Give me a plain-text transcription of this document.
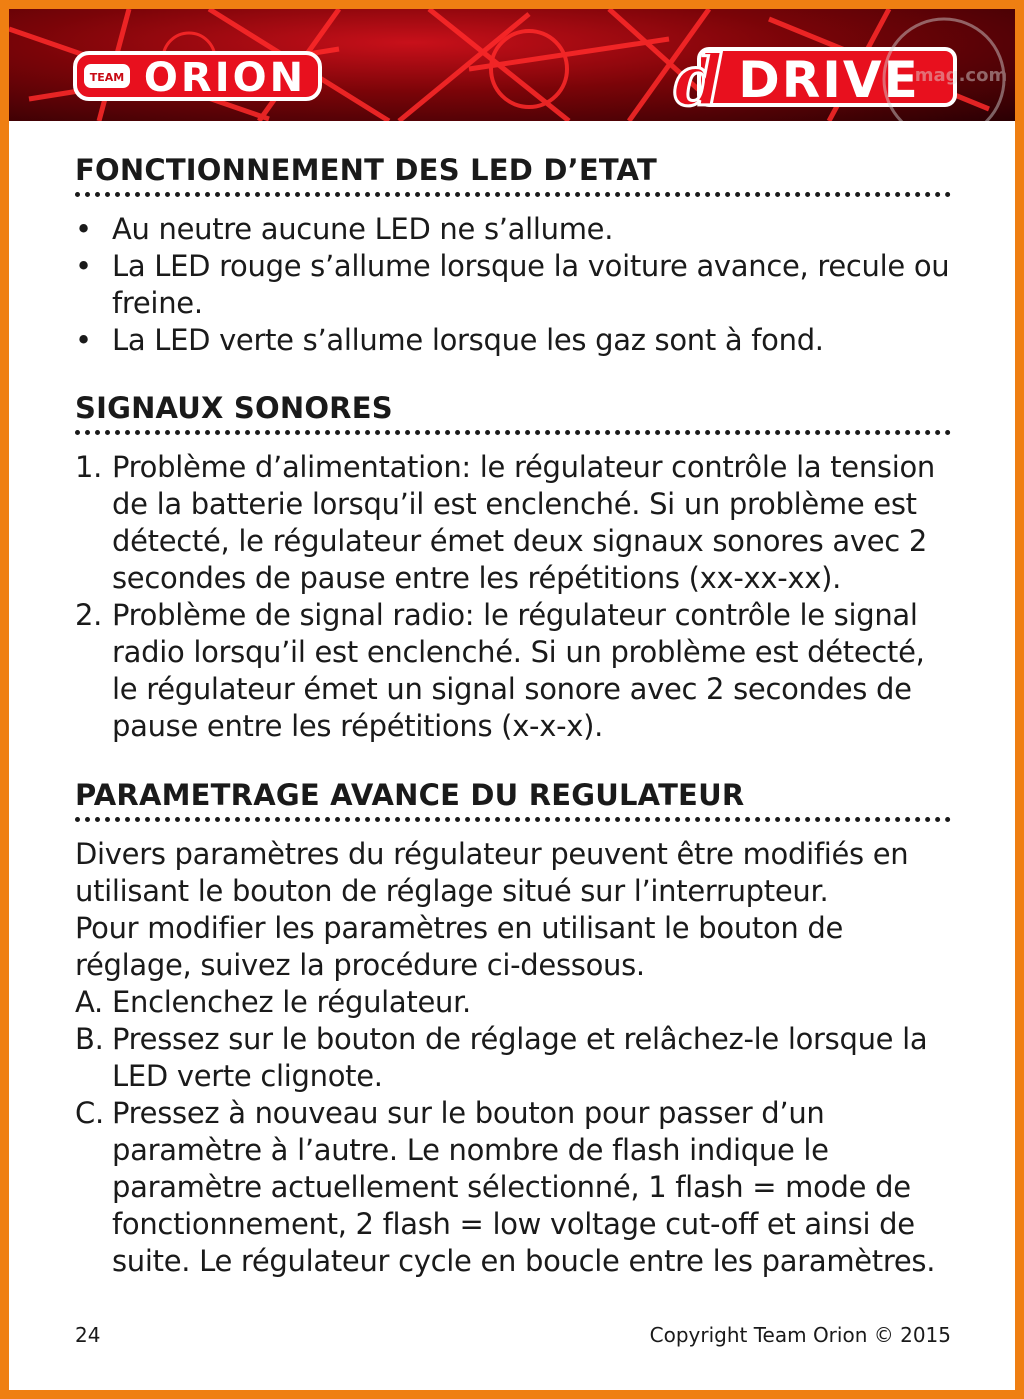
TEAM ORION	d DRIVE
mag.com
FONCTIONNEMENT DES LED D’ETAT
• Au neutre aucune LED ne s’allume.
• La LED rouge s’allume lorsque la voiture avance, recule ou freine.
• La LED verte s’allume lorsque les gaz sont à fond.
SIGNAUX SONORES
1. Problème d’alimentation: le régulateur contrôle la tension de la batterie lorsqu’il est enclenché. Si un problème est détecté, le régulateur émet deux signaux sonores avec 2 secondes de pause entre les répétitions (xx-xx-xx).
2. Problème de signal radio: le régulateur contrôle le signal radio lorsqu’il est enclenché. Si un problème est détecté, le régulateur émet un signal sonore avec 2 secondes de pause entre les répétitions (x-x-x).
PARAMETRAGE AVANCE DU REGULATEUR

Divers paramètres du régulateur peuvent être modifiés en utilisant le bouton de réglage situé sur l’interrupteur.

Pour modifier les paramètres en utilisant le bouton de réglage, suivez la procédure ci-dessous.

A. Enclenchez le régulateur.
B. Pressez sur le bouton de réglage et relâchez-le lorsque la LED verte clignote.
C. Pressez à nouveau sur le bouton pour passer d’un paramètre à l’autre. Le nombre de flash indique le paramètre actuellement sélectionné, 1 flash = mode de fonctionnement, 2 flash = low voltage cut-off et ainsi de suite. Le régulateur cycle en boucle entre les paramètres.
24	Copyright Team Orion © 2015
